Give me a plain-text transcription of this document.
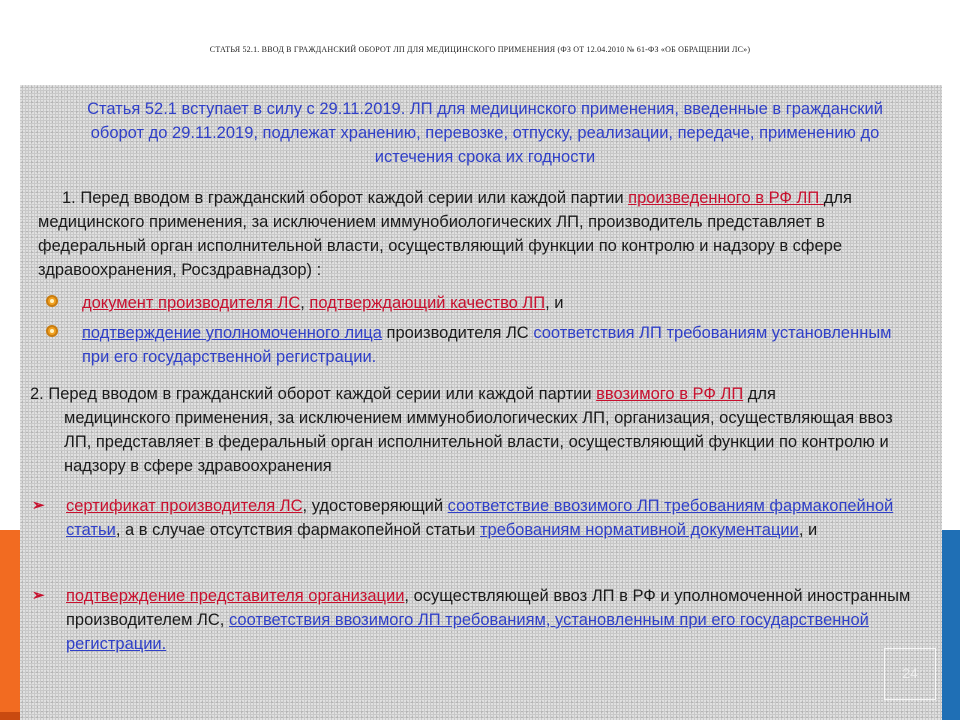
СТАТЬЯ 52.1. ВВОД В ГРАЖДАНСКИЙ ОБОРОТ ЛП ДЛЯ МЕДИЦИНСКОГО ПРИМЕНЕНИЯ (ФЗ ОТ 12.04.2010 № 61-ФЗ «ОБ ОБРАЩЕНИИ ЛС»)
Статья 52.1 вступает в силу с 29.11.2019. ЛП для медицинского применения, введенные в гражданский оборот до 29.11.2019, подлежат хранению, перевозке, отпуску, реализации, передаче, применению до истечения срока их годности
1. Перед вводом в гражданский оборот каждой серии или каждой партии произведенного в РФ ЛП для медицинского применения, за исключением иммунобиологических ЛП, производитель представляет в федеральный орган исполнительной власти, осуществляющий функции по контролю и надзору в сфере здравоохранения, Росздравнадзор) :
документ производителя ЛС, подтверждающий качество ЛП, и
подтверждение уполномоченного лица производителя ЛС соответствия ЛП требованиям установленным при его государственной регистрации.
2. Перед вводом в гражданский оборот каждой серии или каждой партии ввозимого в РФ ЛП для
медицинского применения, за исключением иммунобиологических ЛП, организация, осуществляющая ввоз ЛП, представляет в федеральный орган исполнительной власти, осуществляющий функции по контролю и надзору в сфере здравоохранения
➢ сертификат производителя ЛС, удостоверяющий соответствие ввозимого ЛП требованиям фармакопейной статьи, а в случае отсутствия фармакопейной статьи требованиям нормативной документации, и
➢ подтверждение представителя организации, осуществляющей ввоз ЛП в РФ и уполномоченной иностранным производителем ЛС, соответствия ввозимого ЛП требованиям, установленным при его государственной регистрации.
24
